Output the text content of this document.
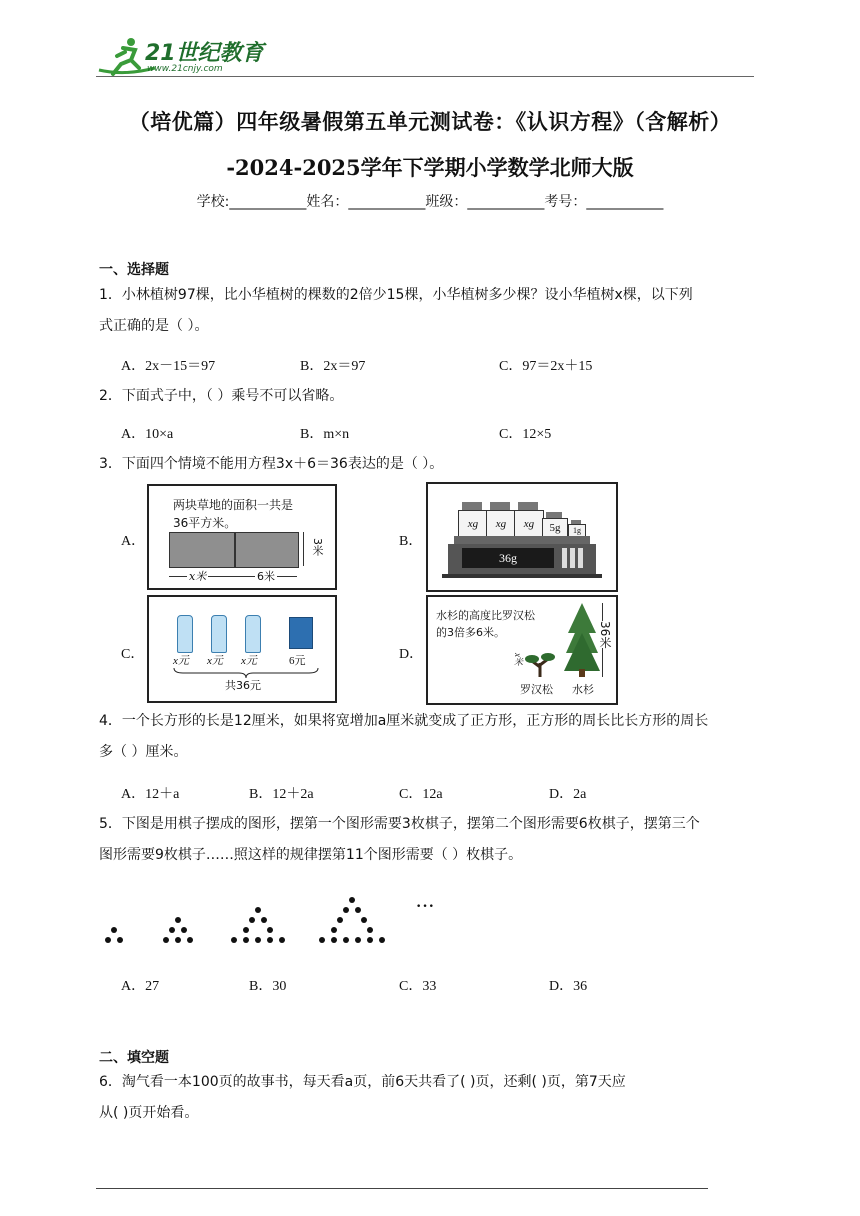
21世纪教育
www.21cnjy.com
（培优篇）四年级暑假第五单元测试卷：《认识方程》（含解析）
-2024-2025学年下学期小学数学北师大版
学校:___________姓名：___________班级：___________考号：___________
一、选择题
1．小林植树97棵，比小华植树的棵数的2倍少15棵，小华植树多少棵？设小华植树x棵，以下列
式正确的是（ ）。
A．2x－15＝97	B．2x＝97	C．97＝2x＋15
2．下面式子中，（ ）乘号不可以省略。
A．10×a	B．m×n	C．12×5
3．下面四个情境不能用方程3x＋6＝36表达的是（ ）。
A．
两块草地的面积一共是
36平方米。
3米
x米	6米
B．
xg	xg	xg	5g	1g
36g
C．	x元 x元 x元	6元
共36元
D．
水杉的高度比罗汉松
的3倍多6米。	36米
x米
罗汉松 水杉
4．一个长方形的长是12厘米，如果将宽增加a厘米就变成了正方形，正方形的周长比长方形的周长
多（ ）厘米。
A．12＋a	B．12＋2a	C．12a	D．2a
5．下图是用棋子摆成的图形，摆第一个图形需要3枚棋子，摆第二个图形需要6枚棋子，摆第三个
图形需要9枚棋子……照这样的规律摆第11个图形需要（ ）枚棋子。
···
A．27	B．30	C．33	D．36
二、填空题
6．淘气看一本100页的故事书，每天看a页，前6天共看了( )页，还剩( )页，第7天应
从( )页开始看。
